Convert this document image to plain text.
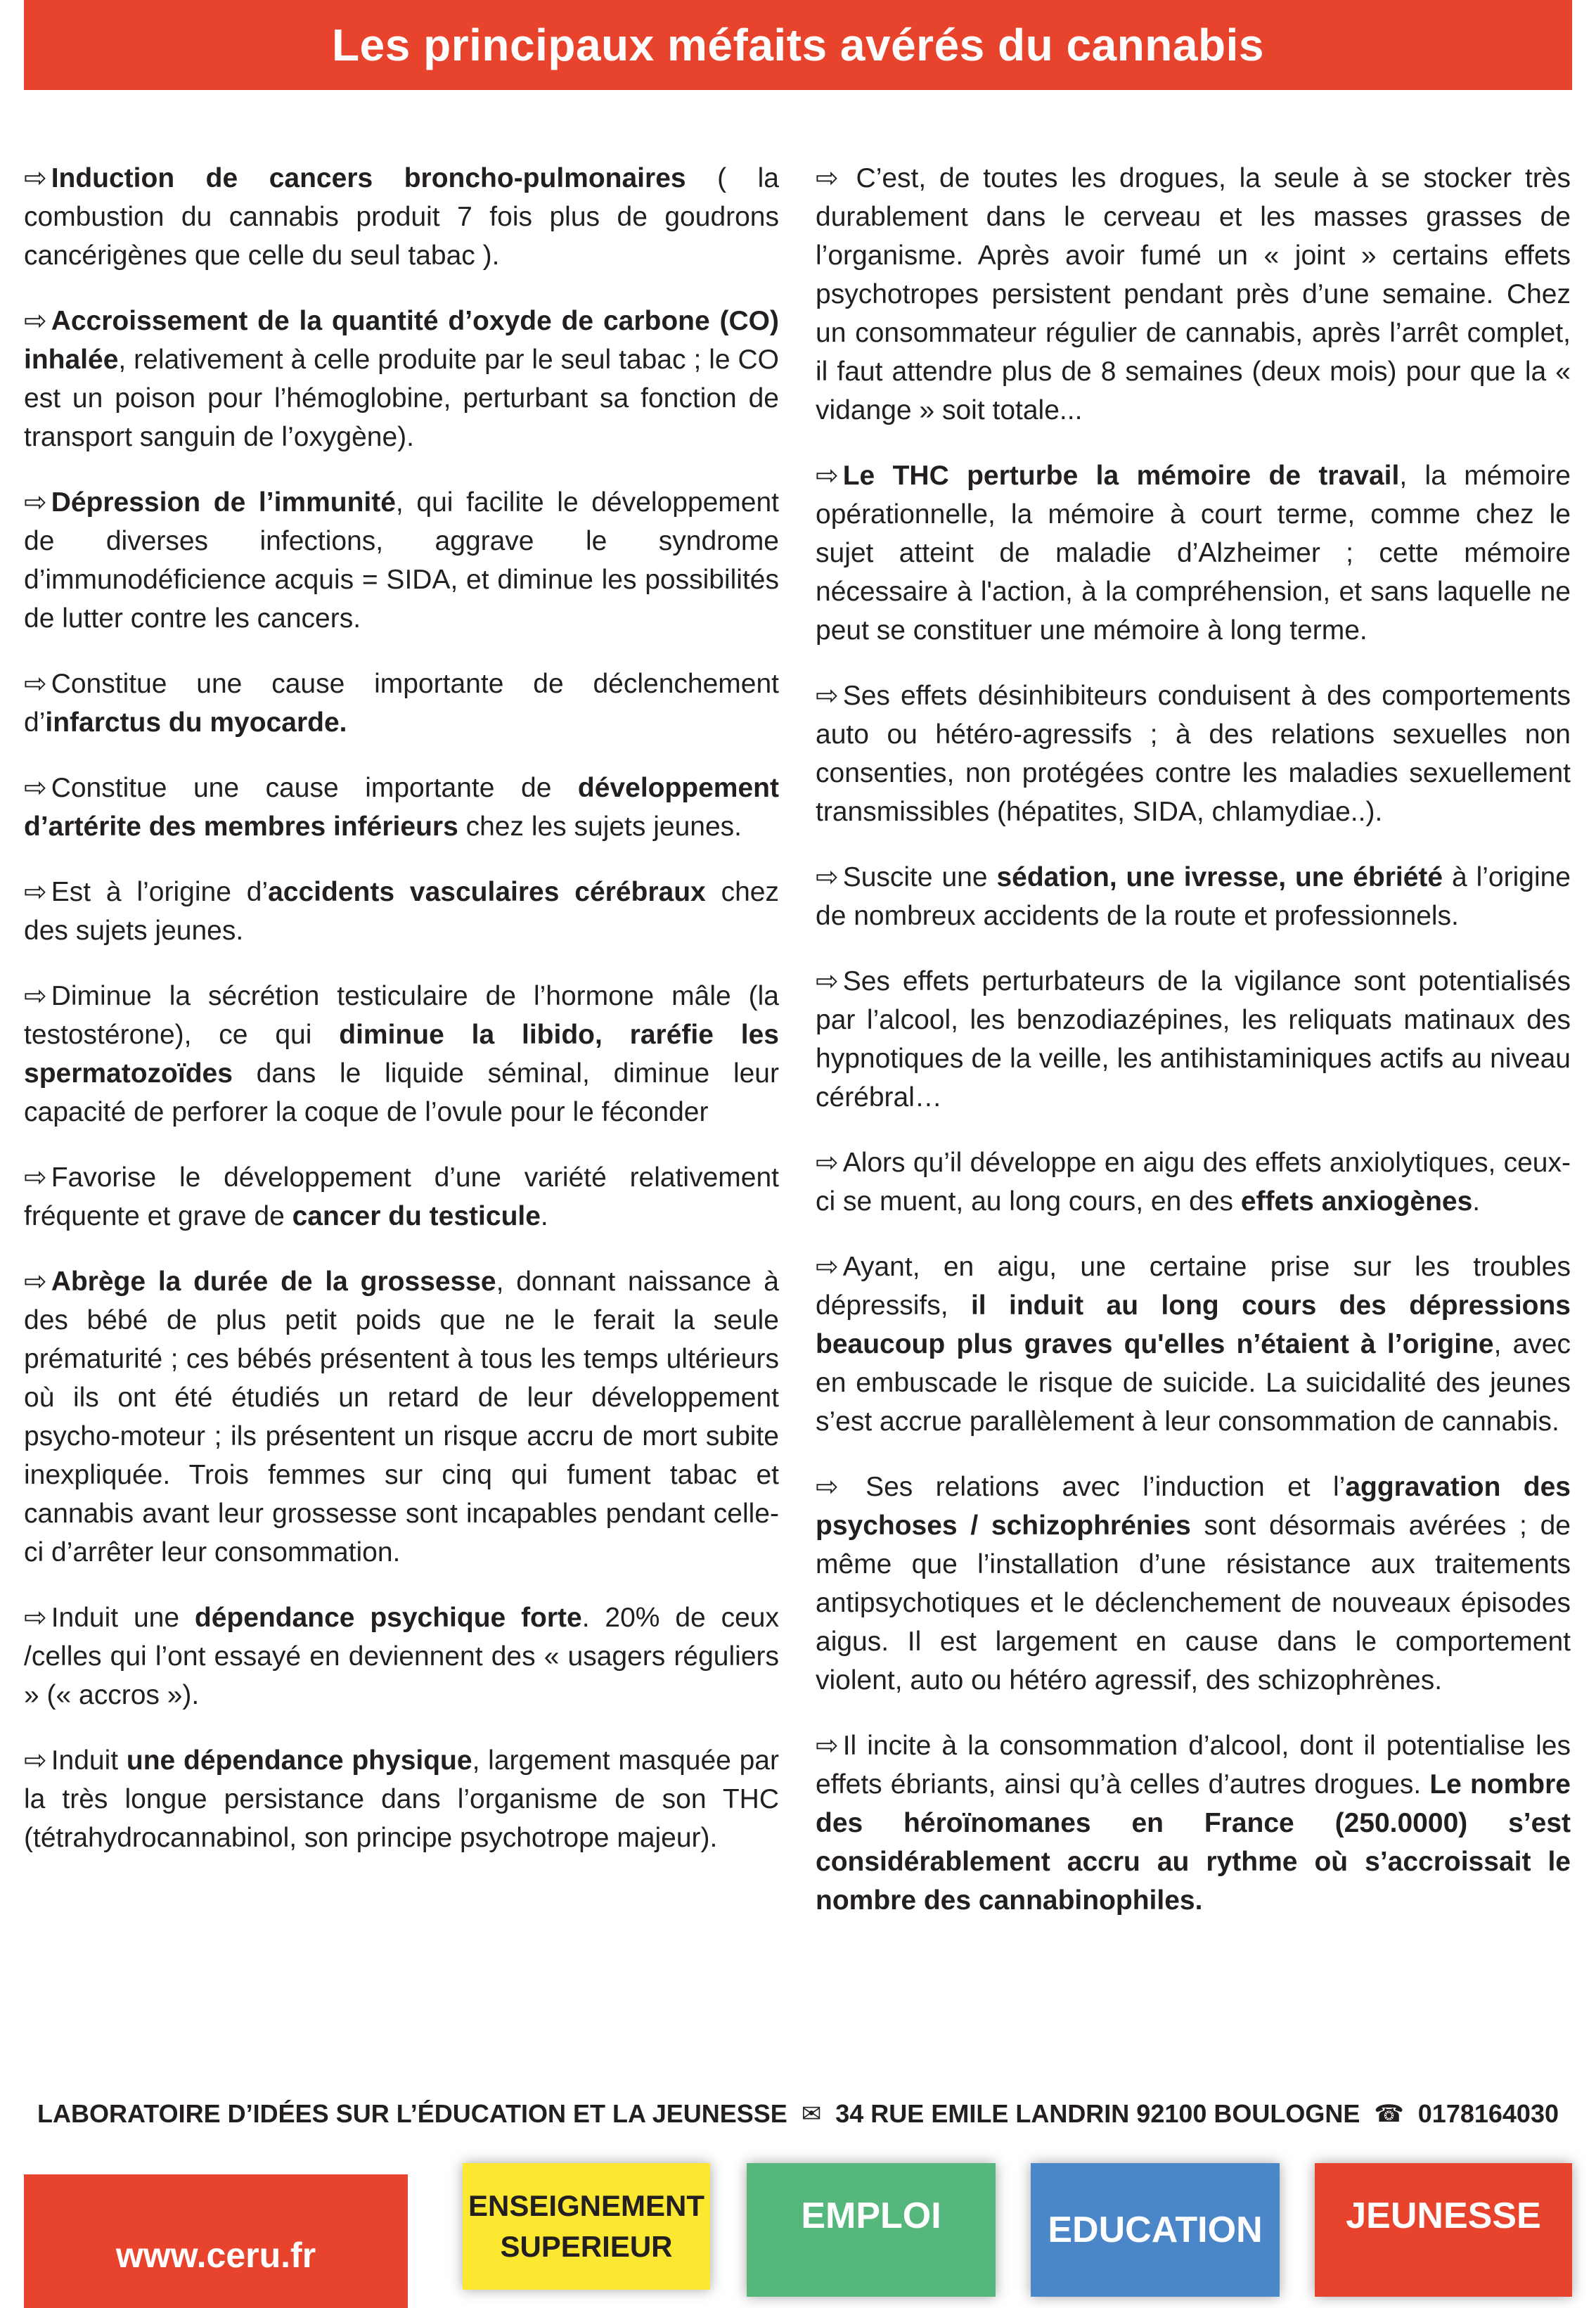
Les principaux méfaits avérés du cannabis

⇨ Induction de cancers broncho-pulmonaires ( la combustion du cannabis produit 7 fois plus de goudrons cancérigènes que celle du seul tabac ).

⇨ Accroissement de la quantité d’oxyde de carbone (CO) inhalée, relativement à celle produite par le seul tabac ; le CO est un poison pour l’hémoglobine, perturbant sa fonction de transport sanguin de l’oxygène).

⇨ Dépression de l’immunité, qui facilite le développement de diverses infections, aggrave le syndrome d’immunodéficience acquis = SIDA, et diminue les possibilités de lutter contre les cancers.

⇨ Constitue une cause importante de déclenchement d’infarctus du myocarde.

⇨ Constitue une cause importante de développement d’artérite des membres inférieurs chez les sujets jeunes.

⇨ Est à l’origine d’accidents vasculaires cérébraux chez des sujets jeunes.

⇨ Diminue la sécrétion testiculaire de l’hormone mâle (la testostérone), ce qui diminue la libido, raréfie les spermatozoïdes dans le liquide séminal, diminue leur capacité de perforer la coque de l’ovule pour le féconder

⇨ Favorise le développement d’une variété relativement fréquente et grave de cancer du testicule.

⇨ Abrège la durée de la grossesse, donnant naissance à des bébé de plus petit poids que ne le ferait la seule prématurité ; ces bébés présentent à tous les temps ultérieurs où ils ont été étudiés un retard de leur développement psycho-moteur ; ils présentent un risque accru de mort subite inexpliquée. Trois femmes sur cinq qui fument tabac et cannabis avant leur grossesse sont incapables pendant celle-ci d’arrêter leur consommation.

⇨ Induit une dépendance psychique forte. 20% de ceux /celles qui l’ont essayé en deviennent des « usagers réguliers » (« accros »).

⇨ Induit une dépendance physique, largement masquée par la très longue persistance dans l’organisme de son THC (tétrahydrocannabinol, son principe psychotrope majeur).

⇨ C’est, de toutes les drogues, la seule à se stocker très durablement dans le cerveau et les masses grasses de l’organisme. Après avoir fumé un « joint » certains effets psychotropes persistent pendant près d’une semaine. Chez un consommateur régulier de cannabis, après l’arrêt complet, il faut attendre plus de 8 semaines (deux mois) pour que la « vidange » soit totale...

⇨ Le THC perturbe la mémoire de travail, la mémoire opérationnelle, la mémoire à court terme, comme chez le sujet atteint de maladie d’Alzheimer ; cette mémoire nécessaire à l'action, à la compréhension, et sans laquelle ne peut se constituer une mémoire à long terme.

⇨ Ses effets désinhibiteurs conduisent à des comportements auto ou hétéro-agressifs ; à des relations sexuelles non consenties, non protégées contre les maladies sexuellement transmissibles (hépatites, SIDA, chlamydiae..).

⇨ Suscite une sédation, une ivresse, une ébriété à l’origine de nombreux accidents de la route et professionnels.

⇨ Ses effets perturbateurs de la vigilance sont potentialisés par l’alcool, les benzodiazépines, les reliquats matinaux des hypnotiques de la veille, les antihistaminiques actifs au niveau cérébral…

⇨ Alors qu’il développe en aigu des effets anxiolytiques, ceux-ci se muent, au long cours, en des effets anxiogènes.

⇨ Ayant, en aigu, une certaine prise sur les troubles dépressifs, il induit au long cours des dépressions beaucoup plus graves qu'elles n’étaient à l’origine, avec en embuscade le risque de suicide. La suicidalité des jeunes s’est accrue parallèlement à leur consommation de cannabis.

⇨ Ses relations avec l’induction et l’aggravation des psychoses / schizophrénies sont désormais avérées ; de même que l’installation d’une résistance aux traitements antipsychotiques et le déclenchement de nouveaux épisodes aigus. Il est largement en cause dans le comportement violent, auto ou hétéro agressif, des schizophrènes.

⇨ Il incite à la consommation d’alcool, dont il potentialise les effets ébriants, ainsi qu’à celles d’autres drogues. Le nombre des héroïnomanes en France (250.0000) s’est considérablement accru au rythme où s’accroissait le nombre des cannabinophiles.

LABORATOIRE D’IDÉES SUR L’ÉDUCATION ET LA JEUNESSE ✉ 34 RUE EMILE LANDRIN 92100 BOULOGNE ☎ 0178164030
www.ceru.fr
ENSEIGNEMENT
SUPERIEUR
EMPLOI	EDUCATION JEUNESSE
